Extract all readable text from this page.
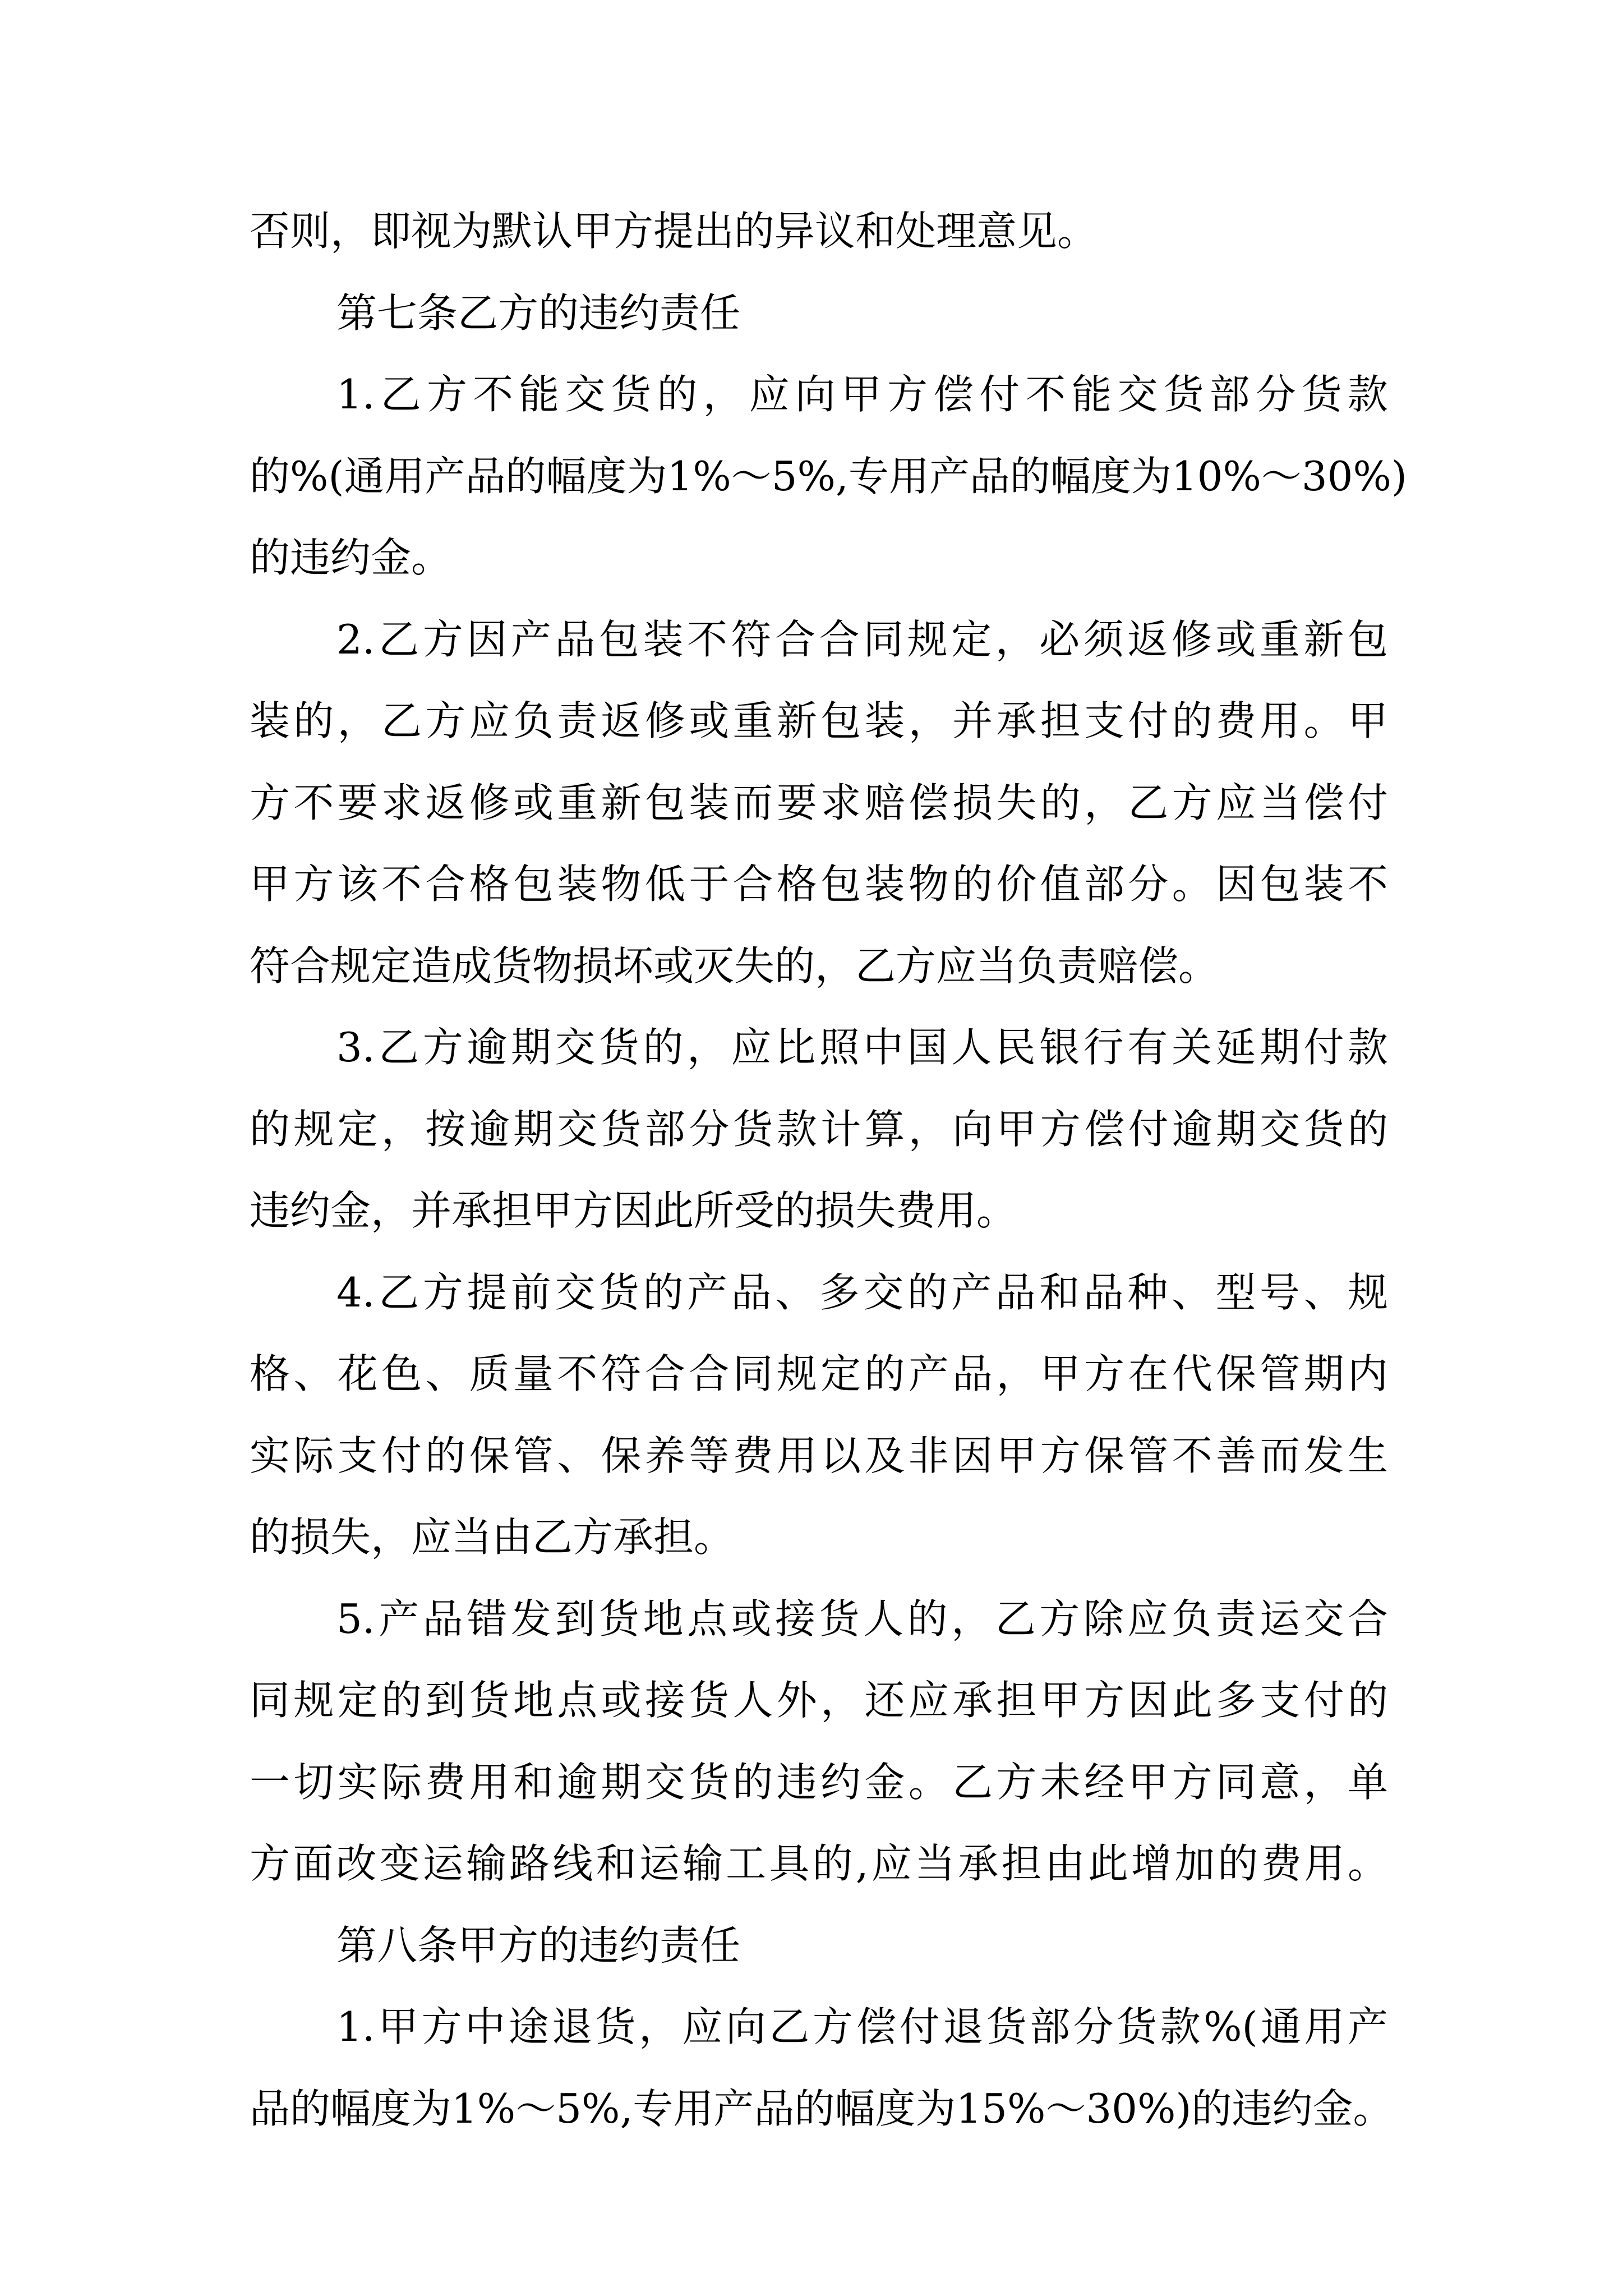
否则，即视为默认甲方提出的异议和处理意见。
第七条乙方的违约责任
1.乙方不能交货的，应向甲方偿付不能交货部分货款
的%(通用产品的幅度为1%～5%,专用产品的幅度为10%～30%)
的违约金。
2.乙方因产品包装不符合合同规定，必须返修或重新包
装的，乙方应负责返修或重新包装，并承担支付的费用。甲
方不要求返修或重新包装而要求赔偿损失的，乙方应当偿付
甲方该不合格包装物低于合格包装物的价值部分。因包装不
符合规定造成货物损坏或灭失的，乙方应当负责赔偿。
3.乙方逾期交货的，应比照中国人民银行有关延期付款
的规定，按逾期交货部分货款计算，向甲方偿付逾期交货的
违约金，并承担甲方因此所受的损失费用。
4.乙方提前交货的产品、多交的产品和品种、型号、规
格、花色、质量不符合合同规定的产品，甲方在代保管期内
实际支付的保管、保养等费用以及非因甲方保管不善而发生
的损失，应当由乙方承担。
5.产品错发到货地点或接货人的，乙方除应负责运交合
同规定的到货地点或接货人外，还应承担甲方因此多支付的
一切实际费用和逾期交货的违约金。乙方未经甲方同意，单
方面改变运输路线和运输工具的,应当承担由此增加的费用。
第八条甲方的违约责任
1.甲方中途退货，应向乙方偿付退货部分货款%(通用产
品的幅度为1%～5%,专用产品的幅度为15%～30%)的违约金。
